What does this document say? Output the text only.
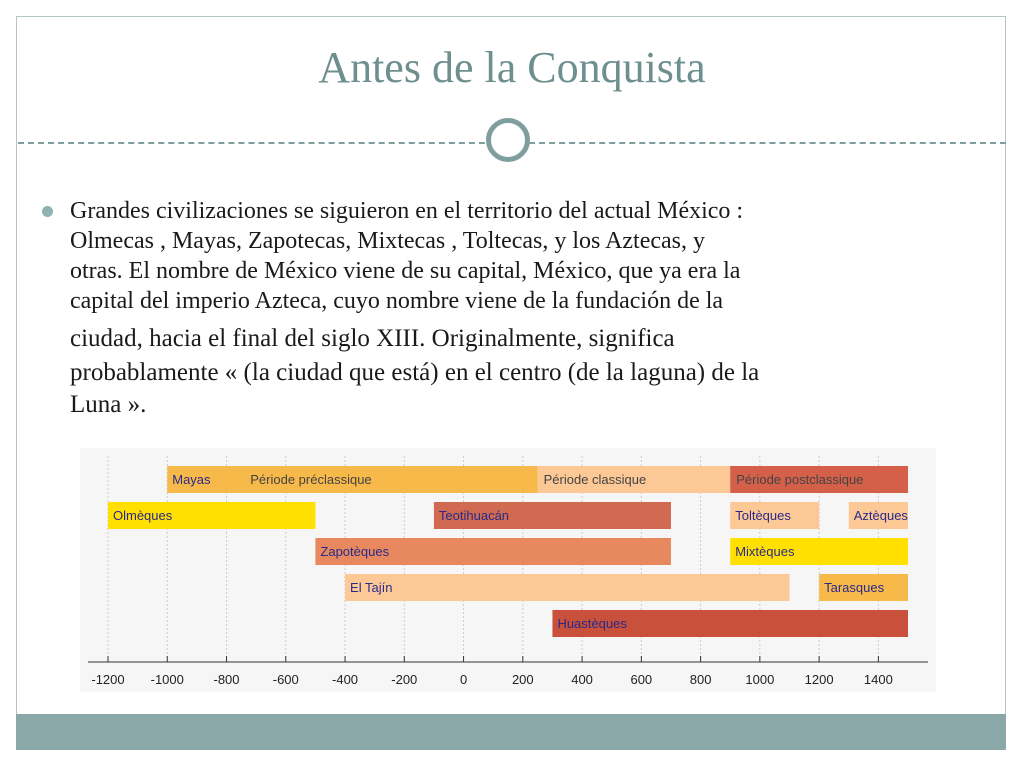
Antes de la Conquista
Grandes civilizaciones se siguieron en el territorio del actual México :
Olmecas , Mayas, Zapotecas, Mixtecas , Toltecas, y los Aztecas, y
otras. El nombre de México viene de su capital, México, que ya era la
capital del imperio Azteca, cuyo nombre viene de la fundación de la
ciudad, hacia el final del siglo XIII. Originalmente, significa
probablamente « (la ciudad que está) en el centro (de la laguna) de la
Luna ».
Période préclassique	Période classique	Période postclassique
Mayas
Olmèques	Teotihuacán	Toltèques	Aztèques
Zapotèques	Mixtèques
El Tajín	Tarasques
Huastèques
-1200 -1000 -800	-600	-400	-200	0	200	400	600	800	1000 1200 1400
